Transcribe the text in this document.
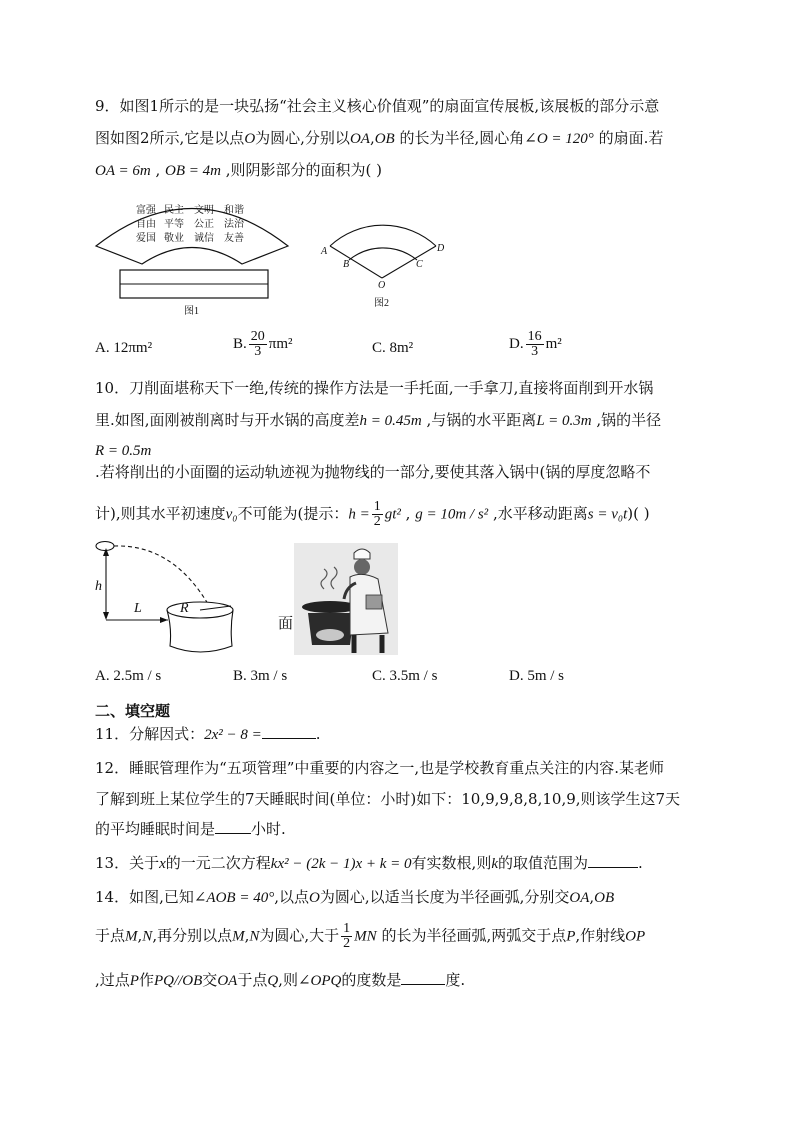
9．如图1所示的是一块弘扬“社会主义核心价值观”的扇面宣传展板,该展板的部分示意
图如图2所示,它是以点O为圆心,分别以OA,OB 的长为半径,圆心角∠O = 120° 的扇面.若
OA = 6m , OB = 4m ,则阴影部分的面积为( )
富强 民主 文明 和谐
自由 平等 公正 法治
爱国 敬业 诚信 友善
图1
A
B
O
C
D
图2
A. 12πm²	B. $\frac{20}{3} \pi m^2$	C. 8m²	D. $\frac{16}{3} m^2$
10．刀削面堪称天下一绝,传统的操作方法是一手托面,一手拿刀,直接将面削到开水锅
里.如图,面刚被削离时与开水锅的高度差h = 0.45m ,与锅的水平距离L = 0.3m ,锅的半径
R = 0.5m
.若将削出的小面圈的运动轨迹视为抛物线的一部分,要使其落入锅中(锅的厚度忽略不
计),则其水平初速度v₀不可能为(提示：$h = \frac{1}{2} gt^2$ , g = 10m / s² ,水平移动距离s = v₀t)( )
h
L	R
面
A. 2.5m / s	B. 3m / s	C. 3.5m / s	D. 5m / s
二、填空题
11．分解因式：2x² − 8 =	.
12．睡眠管理作为“五项管理”中重要的内容之一,也是学校教育重点关注的内容.某老师
了解到班上某位学生的7天睡眠时间(单位：小时)如下：10,9,9,8,8,10,9,则该学生这7天
的平均睡眠时间是 小时.
13．关于x的一元二次方程kx² − (2k − 1)x + k = 0有实数根,则k的取值范围为	.
14．如图,已知∠AOB = 40°,以点O为圆心,以适当长度为半径画弧,分别交OA,OB
于点M,N,再分别以点M,N为圆心,大于 $\frac{1}{2}$ MN 的长为半径画弧,两弧交于点P,作射线OP
,过点P作PQ//OB交OA于点Q,则∠OPQ的度数是	度.
